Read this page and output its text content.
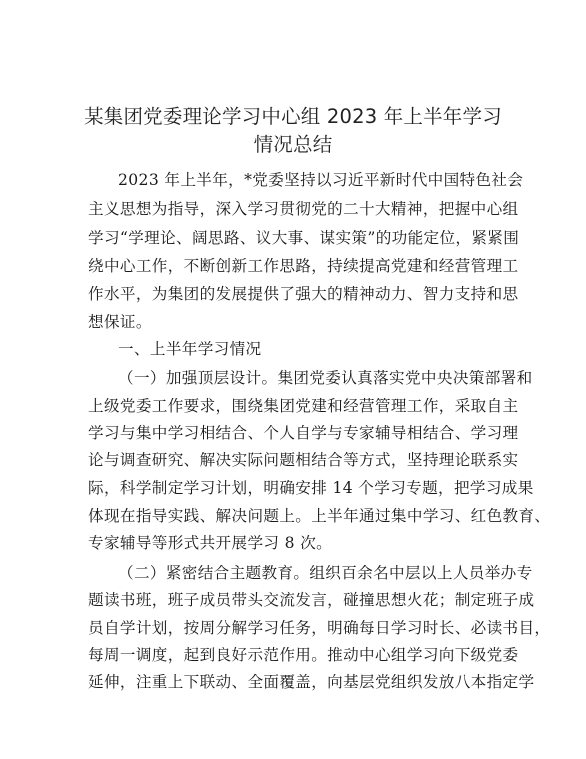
某集团党委理论学习中心组 2023 年上半年学习
情况总结
2023 年上半年，*党委坚持以习近平新时代中国特色社会
主义思想为指导，深入学习贯彻党的二十大精神，把握中心组
学习“学理论、阔思路、议大事、谋实策”的功能定位，紧紧围
绕中心工作，不断创新工作思路，持续提高党建和经营管理工
作水平，为集团的发展提供了强大的精神动力、智力支持和思
想保证。
一、上半年学习情况
（一）加强顶层设计。集团党委认真落实党中央决策部署和
上级党委工作要求，围绕集团党建和经营管理工作，采取自主
学习与集中学习相结合、个人自学与专家辅导相结合、学习理
论与调查研究、解决实际问题相结合等方式，坚持理论联系实
际，科学制定学习计划，明确安排 14 个学习专题，把学习成果
体现在指导实践、解决问题上。上半年通过集中学习、红色教育、
专家辅导等形式共开展学习 8 次。
（二）紧密结合主题教育。组织百余名中层以上人员举办专
题读书班，班子成员带头交流发言，碰撞思想火花；制定班子成
员自学计划，按周分解学习任务，明确每日学习时长、必读书目，
每周一调度，起到良好示范作用。推动中心组学习向下级党委
延伸，注重上下联动、全面覆盖，向基层党组织发放八本指定学
